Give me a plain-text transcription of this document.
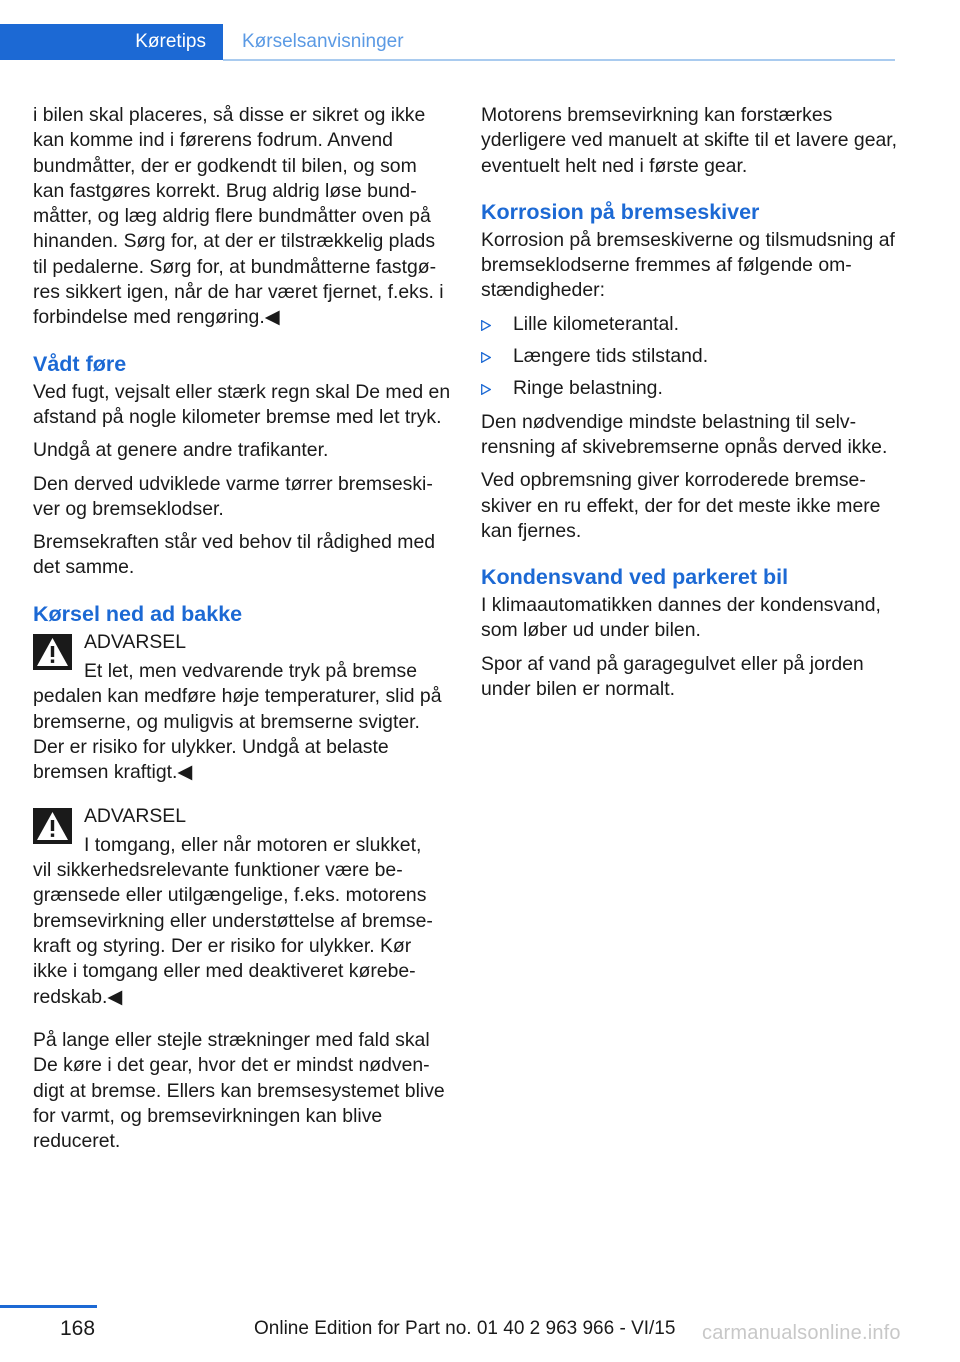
Køretips	Kørselsanvisninger

i bilen skal placeres, så disse er sikret og ikke kan komme ind i førerens fodrum. Anvend bundmåtter, der er godkendt til bilen, og som kan fastgøres korrekt. Brug aldrig løse bundmåtter, og læg aldrig flere bundmåtter oven på hinanden. Sørg for, at der er tilstrækkelig plads til pedalerne. Sørg for, at bundmåtterne fastgøres sikkert igen, når de har været fjernet, f.eks. i forbindelse med rengøring.◀

Vådt føre

Ved fugt, vejsalt eller stærk regn skal De med en afstand på nogle kilometer bremse med let tryk.

Undgå at genere andre trafikanter.

Den derved udviklede varme tørrer bremseskiver og bremseklodser.

Bremsekraften står ved behov til rådighed med det samme.

Kørsel ned ad bakke
ADVARSEL
Et let, men vedvarende tryk på bremse
pedalen kan medføre høje temperaturer, slid på bremserne, og muligvis at bremserne svigter. Der er risiko for ulykker. Undgå at belaste bremsen kraftigt.◀
ADVARSEL
I tomgang, eller når motoren er slukket,
vil sikkerhedsrelevante funktioner være begrænsede eller utilgængelige, f.eks. motorens bremsevirkning eller understøttelse af bremsekraft og styring. Der er risiko for ulykker. Kør ikke i tomgang eller med deaktiveret køreberedskab.◀

På lange eller stejle strækninger med fald skal De køre i det gear, hvor det er mindst nødvendigt at bremse. Ellers kan bremsesystemet blive for varmt, og bremsevirkningen kan blive reduceret.

Motorens bremsevirkning kan forstærkes yderligere ved manuelt at skifte til et lavere gear, eventuelt helt ned i første gear.

Korrosion på bremseskiver

Korrosion på bremseskiverne og tilsmudsning af bremseklodserne fremmes af følgende omstændigheder:

Lille kilometerantal.
Længere tids stilstand.
Ringe belastning.

Den nødvendige mindste belastning til selvrensning af skivebremserne opnås derved ikke.

Ved opbremsning giver korroderede bremseskiver en ru effekt, der for det meste ikke mere kan fjernes.

Kondensvand ved parkeret bil

I klimaautomatikken dannes der kondensvand, som løber ud under bilen.

Spor af vand på garagegulvet eller på jorden under bilen er normalt.

168	Online Edition for Part no. 01 40 2 963 966 - VI/15 carmanualsonline.info
